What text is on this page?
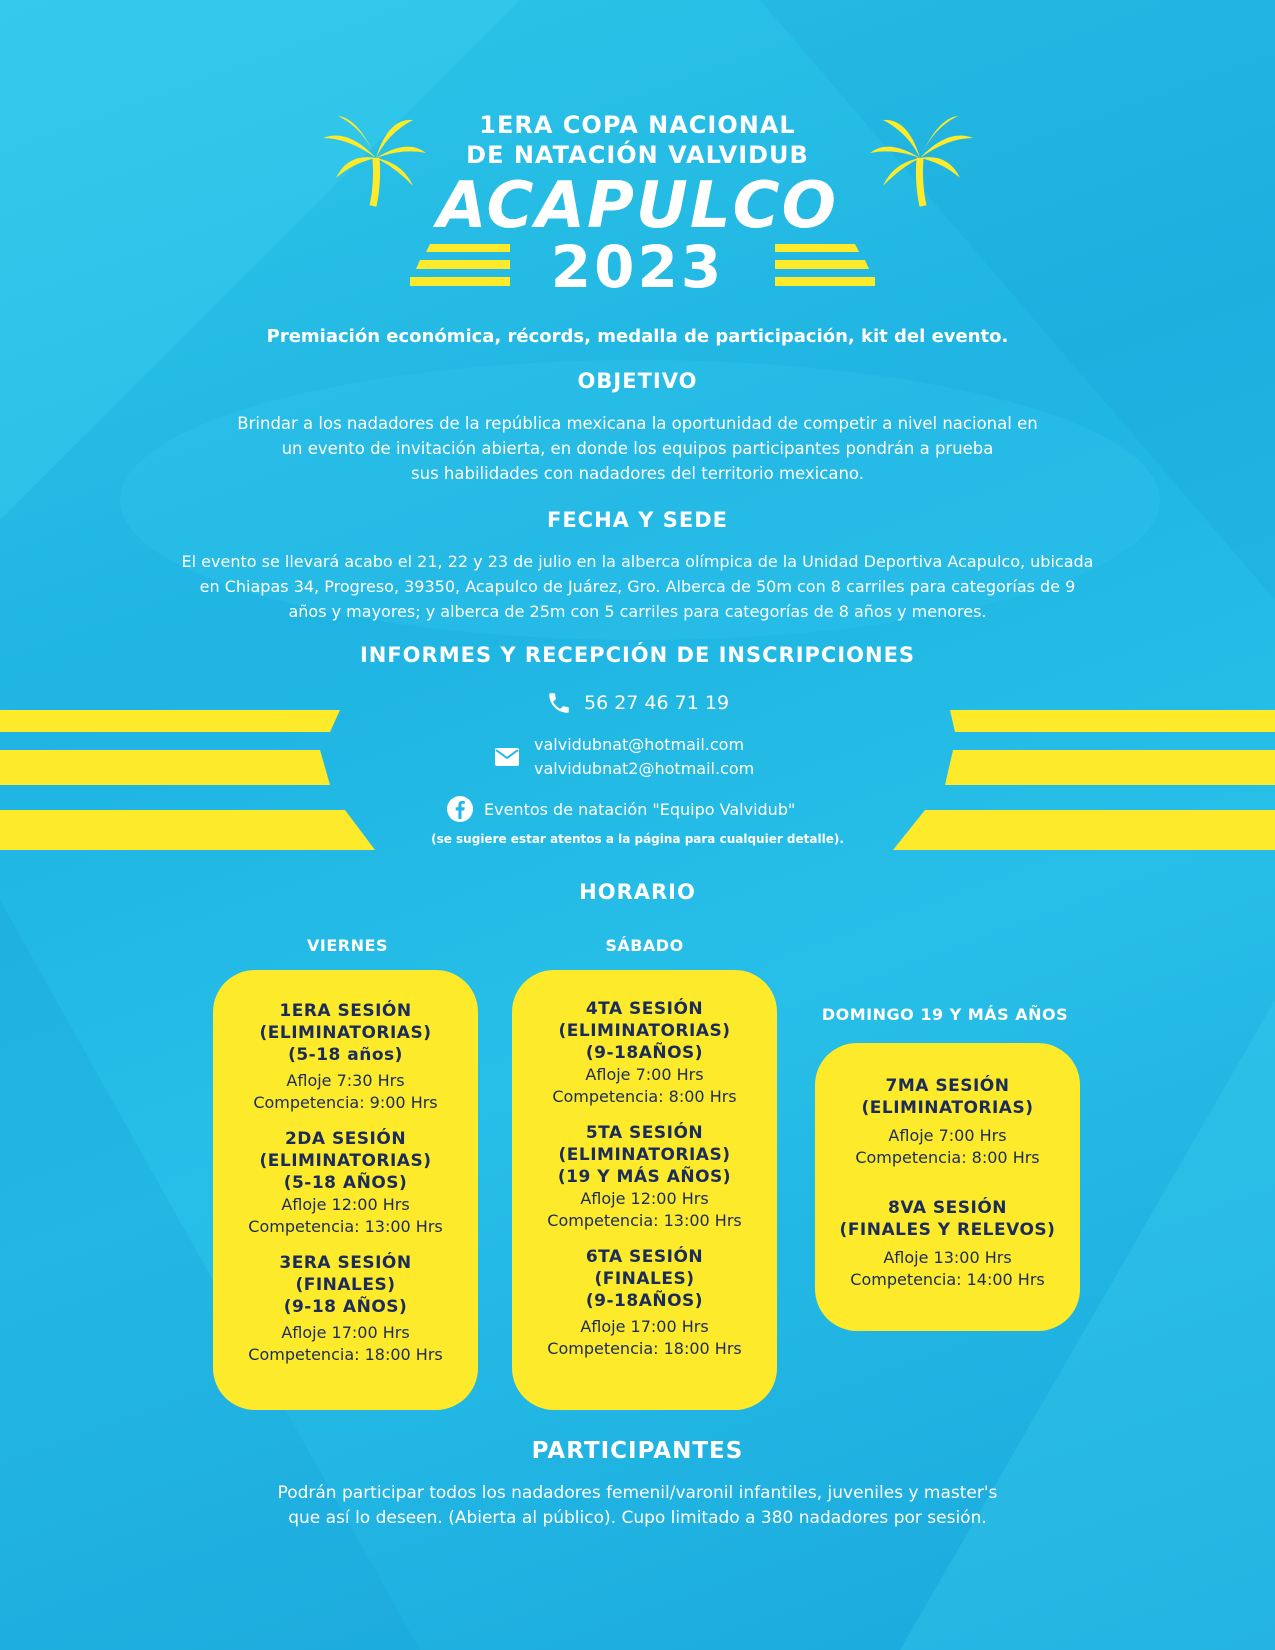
1ERA COPA NACIONAL
DE NATACIÓN VALVIDUB
ACAPULCO
2023
Premiación económica, récords, medalla de participación, kit del evento.
OBJETIVO
Brindar a los nadadores de la república mexicana la oportunidad de competir a nivel nacional en
un evento de invitación abierta, en donde los equipos participantes pondrán a prueba
sus habilidades con nadadores del territorio mexicano.
FECHA Y SEDE
El evento se llevará acabo el 21, 22 y 23 de julio en la alberca olímpica de la Unidad Deportiva Acapulco, ubicada
en Chiapas 34, Progreso, 39350, Acapulco de Juárez, Gro. Alberca de 50m con 8 carriles para categorías de 9
años y mayores; y alberca de 25m con 5 carriles para categorías de 8 años y menores.
INFORMES Y RECEPCIÓN DE INSCRIPCIONES
56 27 46 71 19
valvidubnat@hotmail.com
valvidubnat2@hotmail.com
Eventos de natación "Equipo Valvidub"
(se sugiere estar atentos a la página para cualquier detalle).
HORARIO
VIERNES	SÁBADO
DOMINGO 19 Y MÁS AÑOS
1ERA SESIÓN
(ELIMINATORIAS)
(5-18 años)
Afloje 7:30 Hrs
Competencia: 9:00 Hrs
2DA SESIÓN
(ELIMINATORIAS)
(5-18 AÑOS)
Afloje 12:00 Hrs
Competencia: 13:00 Hrs
3ERA SESIÓN
(FINALES)
(9-18 AÑOS)
Afloje 17:00 Hrs
Competencia: 18:00 Hrs
4TA SESIÓN
(ELIMINATORIAS)
(9-18AÑOS)
Afloje 7:00 Hrs
Competencia: 8:00 Hrs
5TA SESIÓN
(ELIMINATORIAS)
(19 Y MÁS AÑOS)
Afloje 12:00 Hrs
Competencia: 13:00 Hrs
6TA SESIÓN
(FINALES)
(9-18AÑOS)
Afloje 17:00 Hrs
Competencia: 18:00 Hrs
7MA SESIÓN
(ELIMINATORIAS)
Afloje 7:00 Hrs
Competencia: 8:00 Hrs
8VA SESIÓN
(FINALES Y RELEVOS)
Afloje 13:00 Hrs
Competencia: 14:00 Hrs
PARTICIPANTES
Podrán participar todos los nadadores femenil/varonil infantiles, juveniles y master's
que así lo deseen. (Abierta al público). Cupo limitado a 380 nadadores por sesión.
